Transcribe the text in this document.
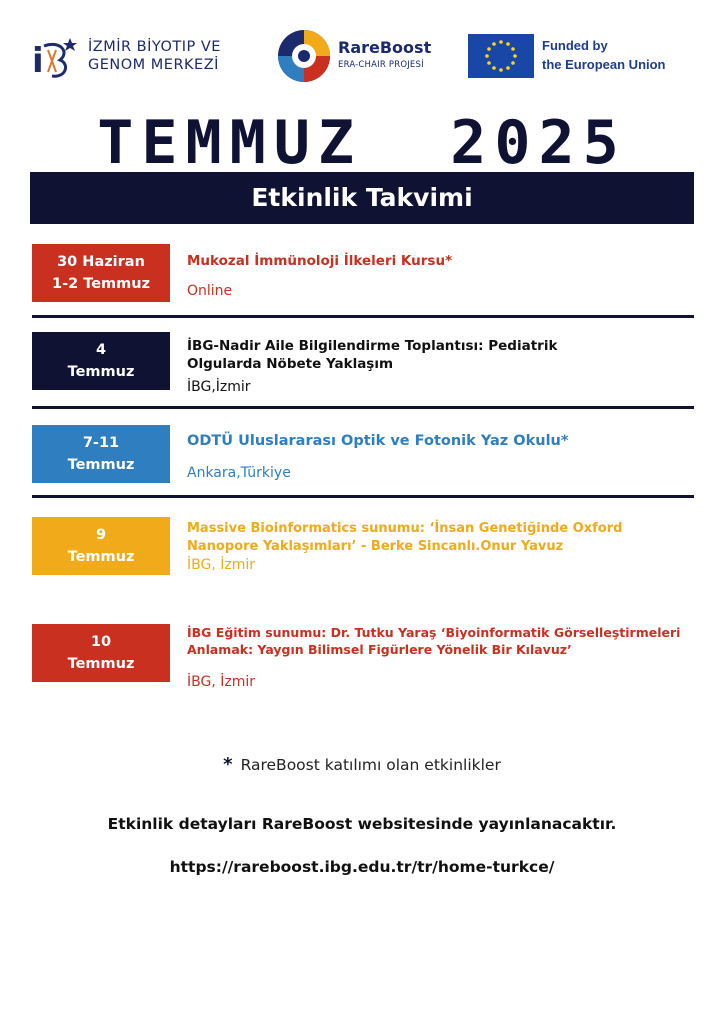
i	İZMİR BİYOTIP VE
GENOM MERKEZİ
RareBoost
ERA-CHAIR PROJESİ
Funded by
the European Union
TEMMUZ  2025
Etkinlik Takvimi
30 Haziran
1-2 Temmuz
Mukozal İmmünoloji İlkeleri Kursu*
Online
4
Temmuz
İBG-Nadir Aile Bilgilendirme Toplantısı: Pediatrik Olgularda Nöbete Yaklaşım
İBG,İzmir
7-11
Temmuz
ODTÜ Uluslararası Optik ve Fotonik Yaz Okulu*
Ankara,Türkiye
9
Temmuz
Massive Bioinformatics sunumu: ‘İnsan Genetiğinde Oxford Nanopore Yaklaşımları’ - Berke Sincanlı.Onur Yavuz
İBG, İzmir
10
Temmuz
İBG Eğitim sunumu: Dr. Tutku Yaraş ‘Biyoinformatik Görselleştirmeleri Anlamak: Yaygın Bilimsel Figürlere Yönelik Bir Kılavuz’
İBG, İzmir
* RareBoost katılımı olan etkinlikler
Etkinlik detayları RareBoost websitesinde yayınlanacaktır.
https://rareboost.ibg.edu.tr/tr/home-turkce/
